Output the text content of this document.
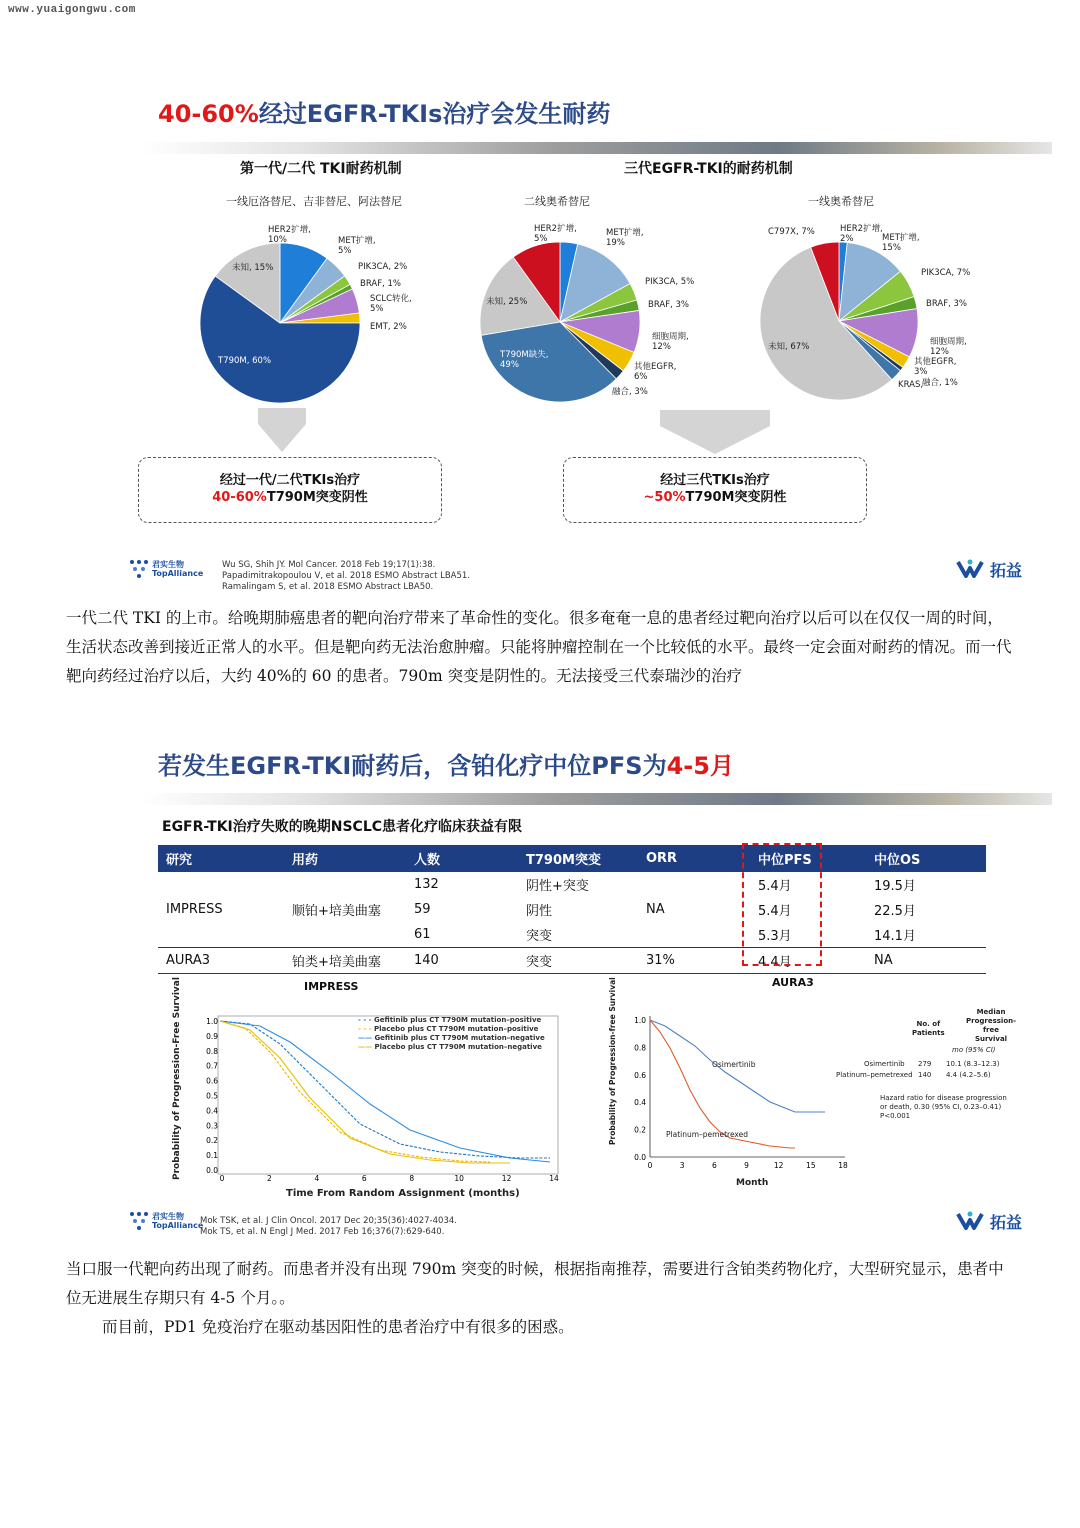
www.yuaigongwu.com
40-60%经过EGFR-TKIs治疗会发生耐药
第一代/二代 TKI耐药机制
一线厄洛替尼、吉非替尼、阿法替尼
三代EGFR-TKI的耐药机制
二线奥希替尼	一线奥希替尼
HER2扩增,
10%	MET扩增,
5%
PIK3CA, 2%
BRAF, 1%
SCLC转化,
5%
EMT, 2%
未知, 15%
T790M, 60%
HER2扩增,
5%
MET扩增,
19%
PIK3CA, 5%
BRAF, 3%
细胞周期,
12%
其他EGFR,
6%
融合, 3%
未知, 25%
T790M缺失,
49%
C797X, 7%	HER2扩增,
2%	MET扩增,
15%
PIK3CA, 7%
BRAF, 3%
细胞周期,
12%
其他EGFR,
3%
融合, 1%
KRAS,
未知, 67%
经过一代/二代TKIs治疗
40-60%T790M突变阴性
经过三代TKIs治疗
~50%T790M突变阴性
君实生物
TopAlliance
Wu SG, Shih JY. Mol Cancer. 2018 Feb 19;17(1):38.
Papadimitrakopoulou V, et al. 2018 ESMO Abstract LBA51.
Ramalingam S, et al. 2018 ESMO Abstract LBA50.
拓益
一代二代 TKI 的上市。给晚期肺癌患者的靶向治疗带来了革命性的变化。很多奄奄一息的患者经过靶向治疗以后可以在仅仅一周的时间，生活状态改善到接近正常人的水平。但是靶向药无法治愈肿瘤。只能将肿瘤控制在一个比较低的水平。最终一定会面对耐药的情况。而一代靶向药经过治疗以后，大约 40%的 60 的患者。790m 突变是阴性的。无法接受三代泰瑞沙的治疗
若发生EGFR-TKI耐药后，含铂化疗中位PFS为4-5月
EGFR-TKI治疗失败的晚期NSCLC患者化疗临床获益有限
研究	用药	人数	T790M突变	ORR	中位PFS	中位OS
IMPRESS	顺铂+培美曲塞	132	阴性+突变	NA	5.4月	19.5月
		59	阴性		5.4月	22.5月
		61	突变		5.3月	14.1月
AURA3	铂类+培美曲塞	140	突变	31%	4.4月	NA

IMPRESS
Probability of Progression-Free Survival
Time From Random Assignment (months)
1.0
0.9
0.8
0.7
0.6
0.5
0.4
0.3
0.2
0.1
0.0
0	2	4	6	8	10	12	14
- - - Gefitinib plus CT T790M mutation–positive
- - - Placebo plus CT T790M mutation–positive
—— Gefitinib plus CT T790M mutation–negative
—— Placebo plus CT T790M mutation–negative
AURA3
Probability of Progression-free Survival
Month
1.0
0.8
0.6
0.4
0.2
0.0
0	3	6	9	12	15	18
Osimertinib
Platinum–pemetrexed
Median
Progression-free
Survival
No. of
Patients
mo (95% CI)
Osimertinib 279 10.1 (8.3–12.3)
Platinum–pemetrexed 140 4.4 (4.2–5.6)
Hazard ratio for disease progression
or death, 0.30 (95% CI, 0.23–0.41)
P<0.001
君实生物
TopAlliance
Mok TSK, et al. J Clin Oncol. 2017 Dec 20;35(36):4027-4034.
Mok TS, et al. N Engl J Med. 2017 Feb 16;376(7):629-640.	拓益
当口服一代靶向药出现了耐药。而患者并没有出现 790m 突变的时候，根据指南推荐，需要进行含铂类药物化疗，大型研究显示，患者中位无进展生存期只有 4-5 个月。。
而目前，PD1 免疫治疗在驱动基因阳性的患者治疗中有很多的困惑。
